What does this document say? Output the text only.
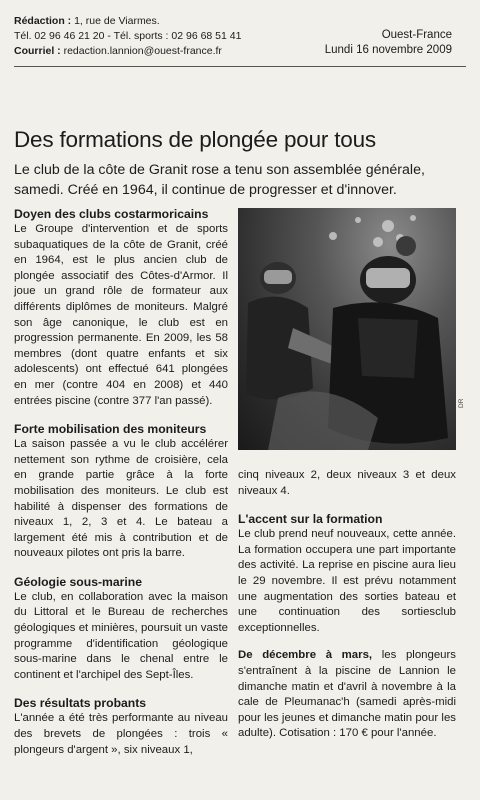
Rédaction : 1, rue de Viarmes.
Tél. 02 96 46 21 20 - Tél. sports : 02 96 68 51 41
Courriel : redaction.lannion@ouest-france.fr
Ouest-France
Lundi 16 novembre 2009
Des formations de plongée pour tous
Le club de la côte de Granit rose a tenu son assemblée générale, samedi. Créé en 1964, il continue de progresser et d'innover.
Doyen des clubs costarmoricains

Le Groupe d'intervention et de sports subaquatiques de la côte de Granit, créé en 1964, est le plus ancien club de plongée associatif des Côtes-d'Armor. Il joue un grand rôle de formateur aux différents diplômes de moniteurs. Malgré son âge canonique, le club est en progression permanente. En 2009, les 58 membres (dont quatre enfants et six adolescents) ont effectué 641 plongées en mer (contre 404 en 2008) et 440 entrées piscine (contre 377 l'an passé).

Forte mobilisation des moniteurs

La saison passée a vu le club accélérer nettement son rythme de croisière, cela en grande partie grâce à la forte mobilisation des moniteurs. Le club est habilité à dispenser des formations de niveaux 1, 2, 3 et 4. Le bateau a largement été mis à contribution et de nouveaux pilotes ont pris la barre.

Géologie sous-marine

Le club, en collaboration avec la maison du Littoral et le Bureau de recherches géologiques et minières, poursuit un vaste programme d'identification géologique sous-marine dans le chenal entre le continent et l'archipel des Sept-Îles.

Des résultats probants

L'année a été très performante au niveau des brevets de plongées : trois « plongeurs d'argent », six niveaux 1,

DR

cinq niveaux 2, deux niveaux 3 et deux niveaux 4.

L'accent sur la formation

Le club prend neuf nouveaux, cette année. La formation occupera une part importante des activité. La reprise en piscine aura lieu le 29 novembre. Il est prévu notamment une augmentation des sorties bateau et une continuation des sortiesclub exceptionnelles.

De décembre à mars, les plongeurs s'entraînent à la piscine de Lannion le dimanche matin et d'avril à novembre à la cale de Pleumanac'h (samedi après-midi pour les jeunes et dimanche matin pour les adulte). Cotisation : 170 € pour l'année.
